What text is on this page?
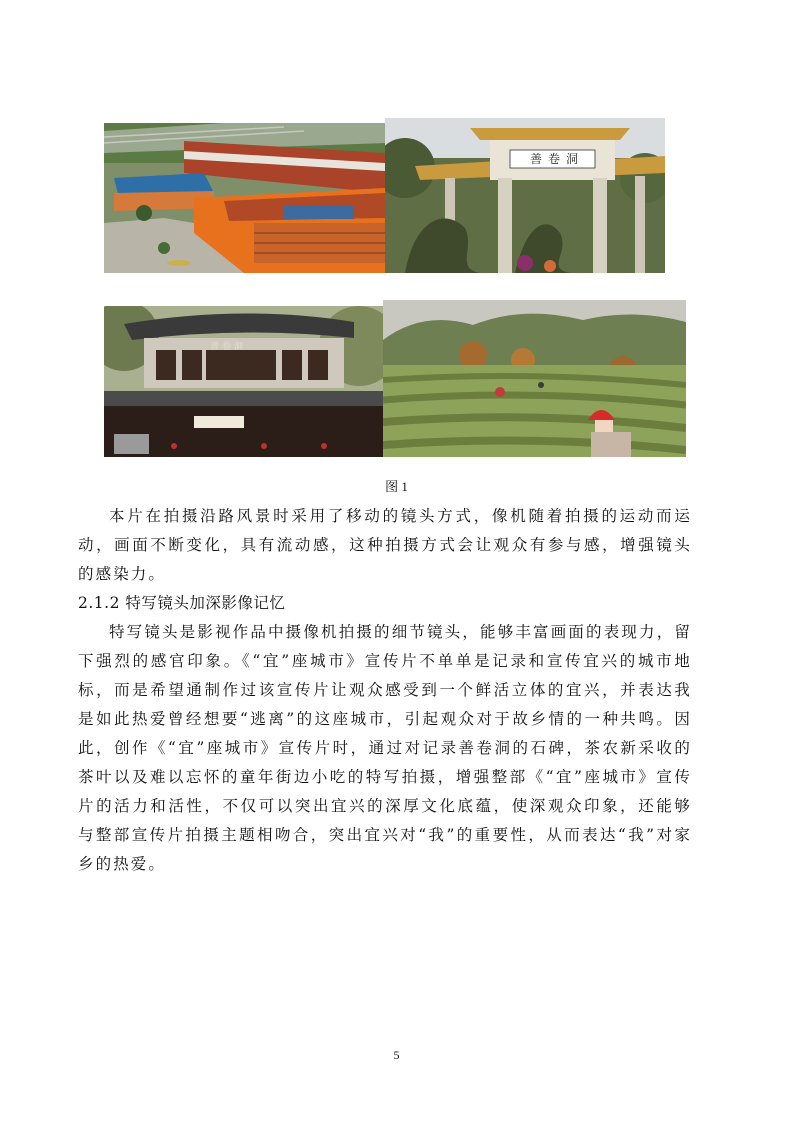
善卷洞
善卷洞
图 1

本片在拍摄沿路风景时采用了移动的镜头方式，像机随着拍摄的运动而运动，画面不断变化，具有流动感，这种拍摄方式会让观众有参与感，增强镜头的感染力。

2.1.2 特写镜头加深影像记忆

特写镜头是影视作品中摄像机拍摄的细节镜头，能够丰富画面的表现力，留下强烈的感官印象。《“宜”座城市》宣传片不单单是记录和宣传宜兴的城市地标，而是希望通制作过该宣传片让观众感受到一个鲜活立体的宜兴，并表达我是如此热爱曾经想要“逃离”的这座城市，引起观众对于故乡情的一种共鸣。因此，创作《“宜”座城市》宣传片时，通过对记录善卷洞的石碑，茶农新采收的茶叶以及难以忘怀的童年街边小吃的特写拍摄，增强整部《“宜”座城市》宣传片的活力和活性，不仅可以突出宜兴的深厚文化底蕴，使深观众印象，还能够与整部宣传片拍摄主题相吻合，突出宜兴对“我”的重要性，从而表达“我”对家乡的热爱。

5
